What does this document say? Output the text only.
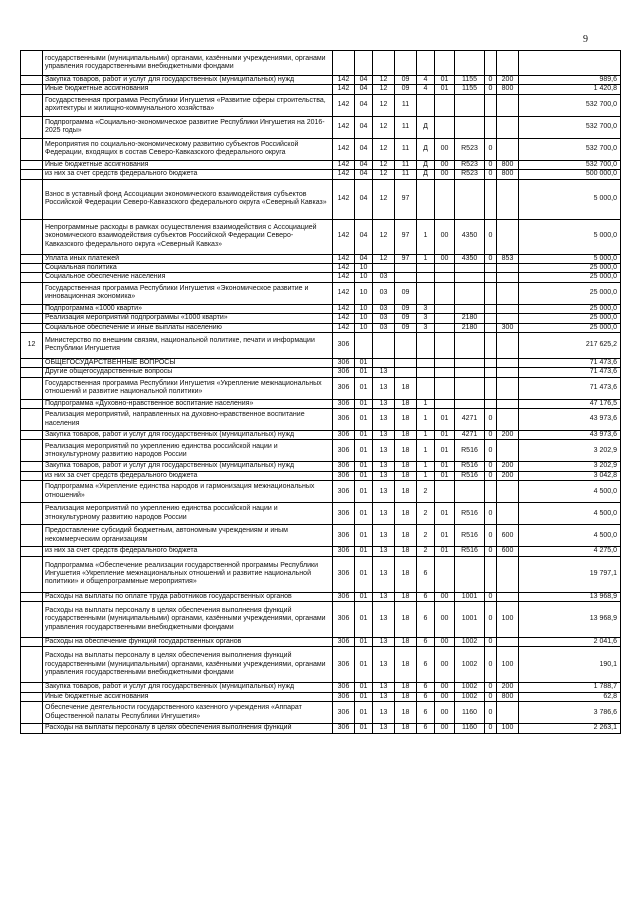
9
	государственными (муниципальными) органами, казёнными учреждениями, органами управления государственными внебюджетными фондами										
	Закупка товаров, работ и услуг для государственных (муниципальных) нужд	142	04	12	09	4	01	1155	0	200	989,6
	Иные бюджетные ассигнования	142	04	12	09	4	01	1155	0	800	1 420,8
	Государственная программа Республики Ингушетия «Развитие сферы строительства, архитектуры и жилищно-коммунального хозяйства»	142	04	12	11						532 700,0
	Подпрограмма «Социально-экономическое развитие Республики Ингушетия на 2016-2025 годы»	142	04	12	11	Д					532 700,0
	Мероприятия по социально-экономическому развитию субъектов Российской Федерации, входящих в состав Северо-Кавказского федерального округа	142	04	12	11	Д	00	R523	0		532 700,0
	Иные бюджетные ассигнования	142	04	12	11	Д	00	R523	0	800	532 700,0
	из них за счет средств федерального бюджета	142	04	12	11	Д	00	R523	0	800	500 000,0
	Взнос в уставный фонд Ассоциации экономического взаимодействия субъектов Российской Федерации Северо-Кавказского федерального округа «Северный Кавказ»	142	04	12	97						5 000,0
	Непрограммные расходы в рамках осуществления взаимодействия с Ассоциацией экономического взаимодействия субъектов Российской Федерации Северо-Кавказского федерального округа «Северный Кавказ»	142	04	12	97	1	00	4350	0		5 000,0
	Уплата иных платежей	142	04	12	97	1	00	4350	0	853	5 000,0
	Социальная политика	142	10								25 000,0
	Социальное обеспечение населения	142	10	03							25 000,0
	Государственная программа Республики Ингушетия «Экономическое развитие и инновационная экономика»	142	10	03	09						25 000,0
	Подпрограмма «1000 кварти»	142	10	03	09	3					25 000,0
	Реализация мероприятий подпрограммы «1000 кварти»	142	10	03	09	3		2180			25 000,0
	Социальное обеспечение и иные выплаты населению	142	10	03	09	3		2180		300	25 000,0
12	Министерство по внешним связям, национальной политике, печати и информации Республики Ингушетия	306									217 625,2
	ОБЩЕГОСУДАРСТВЕННЫЕ ВОПРОСЫ	306	01								71 473,6
	Другие общегосударственные вопросы	306	01	13							71 473,6
	Государственная программа Республики Ингушетия «Укрепление межнациональных отношений и развитие национальной политики»	306	01	13	18						71 473,6
	Подпрограмма «Духовно-нравственное воспитание населения»	306	01	13	18	1					47 176,5
	Реализация мероприятий, направленных на духовно-нравственное воспитание населения	306	01	13	18	1	01	4271	0		43 973,6
	Закупка товаров, работ и услуг для государственных (муниципальных) нужд	306	01	13	18	1	01	4271	0	200	43 973,6
	Реализация мероприятий по укреплению единства российской нации и этнокультурному развитию народов России	306	01	13	18	1	01	R516	0		3 202,9
	Закупка товаров, работ и услуг для государственных (муниципальных) нужд	306	01	13	18	1	01	R516	0	200	3 202,9
	из них за счет средств федерального бюджета	306	01	13	18	1	01	R516	0	200	3 042,8
	Подпрограмма «Укрепление единства народов и гармонизация межнациональных отношений»	306	01	13	18	2					4 500,0
	Реализация мероприятий по укреплению единства российской нации и этнокультурному развитию народов России	306	01	13	18	2	01	R516	0		4 500,0
	Предоставление субсидий бюджетным, автономным учреждениям и иным некоммерческим организациям	306	01	13	18	2	01	R516	0	600	4 500,0
	из них за счет средств федерального бюджета	306	01	13	18	2	01	R516	0	600	4 275,0
	Подпрограмма «Обеспечение реализации государственной программы Республики Ингушетия «Укрепление межнациональных отношений и развитие национальной политики» и общепрограммные мероприятия»	306	01	13	18	6					19 797,1
	Расходы на выплаты по оплате труда работников государственных органов	306	01	13	18	6	00	1001	0		13 968,9
	Расходы на выплаты персоналу в целях обеспечения выполнения функций государственными (муниципальными) органами, казёнными учреждениями, органами управления государственными внебюджетными фондами	306	01	13	18	6	00	1001	0	100	13 968,9
	Расходы на обеспечение функций государственных органов	306	01	13	18	6	00	1002	0		2 041,6
	Расходы на выплаты персоналу в целях обеспечения выполнения функций государственными (муниципальными) органами, казёнными учреждениями, органами управления государственными внебюджетными фондами	306	01	13	18	6	00	1002	0	100	190,1
	Закупка товаров, работ и услуг для государственных (муниципальных) нужд	306	01	13	18	6	00	1002	0	200	1 788,7
	Иные бюджетные ассигнования	306	01	13	18	6	00	1002	0	800	62,8
	Обеспечение деятельности государственного казенного учреждения «Аппарат Общественной палаты Республики Ингушетия»	306	01	13	18	6	00	1160	0		3 786,6
	Расходы на выплаты персоналу в целях обеспечения выполнения функций	306	01	13	18	6	00	1160	0	100	2 263,1
